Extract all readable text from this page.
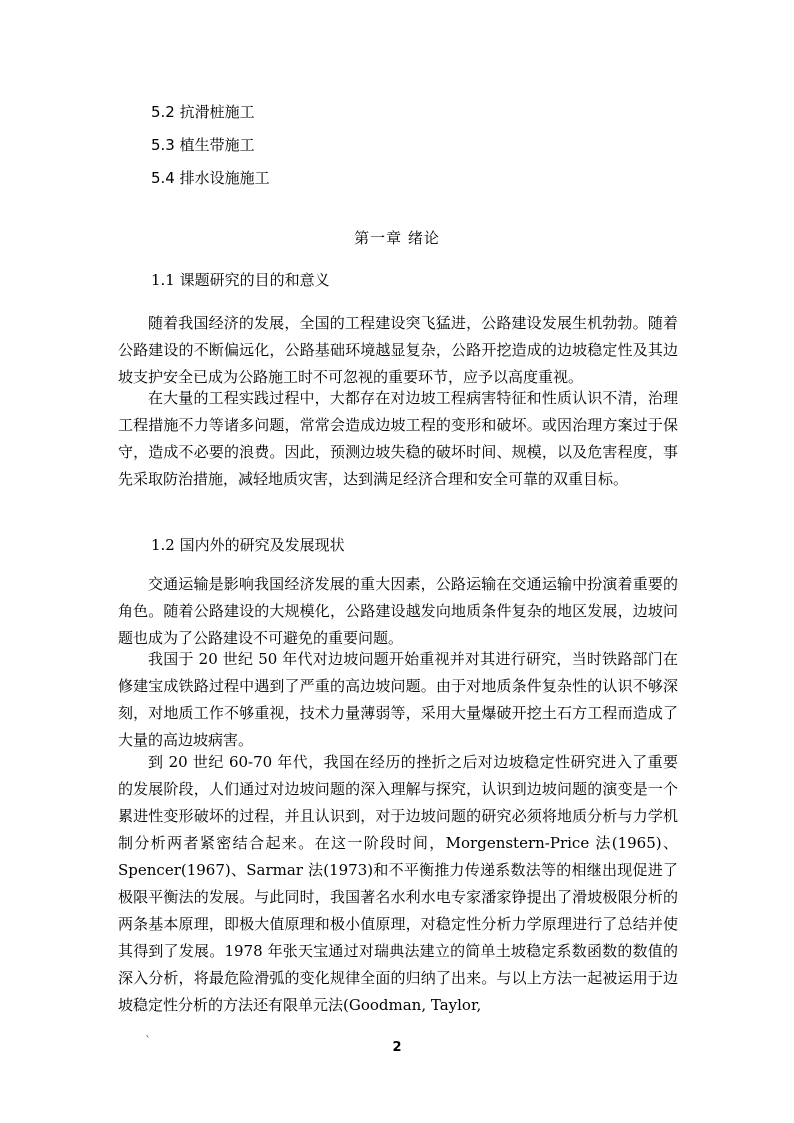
5.2 抗滑桩施工
5.3 植生带施工
5.4 排水设施施工
第一章 绪论
1.1 课题研究的目的和意义

随着我国经济的发展，全国的工程建设突飞猛进，公路建设发展生机勃勃。随着公路建设的不断偏远化，公路基础环境越显复杂，公路开挖造成的边坡稳定性及其边坡支护安全已成为公路施工时不可忽视的重要环节，应予以高度重视。

在大量的工程实践过程中，大都存在对边坡工程病害特征和性质认识不清，治理工程措施不力等诸多问题，常常会造成边坡工程的变形和破坏。或因治理方案过于保守，造成不必要的浪费。因此，预测边坡失稳的破坏时间、规模，以及危害程度，事先采取防治措施，减轻地质灾害，达到满足经济合理和安全可靠的双重目标。

1.2 国内外的研究及发展现状

交通运输是影响我国经济发展的重大因素，公路运输在交通运输中扮演着重要的角色。随着公路建设的大规模化，公路建设越发向地质条件复杂的地区发展，边坡问题也成为了公路建设不可避免的重要问题。

我国于 20 世纪 50 年代对边坡问题开始重视并对其进行研究，当时铁路部门在修建宝成铁路过程中遇到了严重的高边坡问题。由于对地质条件复杂性的认识不够深刻，对地质工作不够重视，技术力量薄弱等，采用大量爆破开挖土石方工程而造成了大量的高边坡病害。

到 20 世纪 60-70 年代，我国在经历的挫折之后对边坡稳定性研究进入了重要的发展阶段，人们通过对边坡问题的深入理解与探究，认识到边坡问题的演变是一个累进性变形破坏的过程，并且认识到，对于边坡问题的研究必须将地质分析与力学机制分析两者紧密结合起来。在这一阶段时间，Morgenstern-Price 法(1965)、Spencer(1967)、Sarmar 法(1973)和不平衡推力传递系数法等的相继出现促进了极限平衡法的发展。与此同时，我国著名水利水电专家潘家铮提出了滑坡极限分析的两条基本原理，即极大值原理和极小值原理，对稳定性分析力学原理进行了总结并使其得到了发展。1978 年张天宝通过对瑞典法建立的简单土坡稳定系数函数的数值的深入分析，将最危险滑弧的变化规律全面的归纳了出来。与以上方法一起被运用于边坡稳定性分析的方法还有限单元法(Goodman, Taylor,

`	2
